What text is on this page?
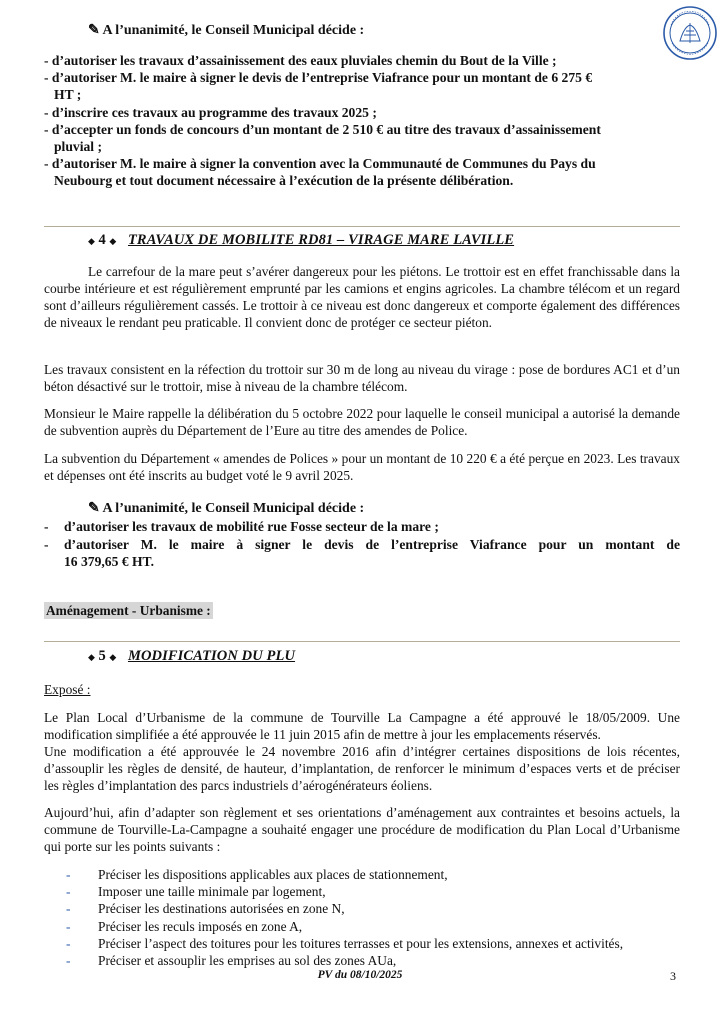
✎ A l’unanimité, le Conseil Municipal décide :
- d’autoriser les travaux d’assainissement des eaux pluviales chemin du Bout de la Ville ;
- d’autoriser M. le maire à signer le devis de l’entreprise Viafrance pour un montant de 6 275 €
HT ;
- d’inscrire ces travaux au programme des travaux 2025 ;
- d’accepter un fonds de concours d’un montant de 2 510 € au titre des travaux d’assainissement
pluvial ;
- d’autoriser M. le maire à signer la convention avec la Communauté de Communes du Pays du
Neubourg et tout document nécessaire à l’exécution de la présente délibération.
◆ 4 ◆ TRAVAUX DE MOBILITE RD81 – VIRAGE MARE LAVILLE
Le carrefour de la mare peut s’avérer dangereux pour les piétons. Le trottoir est en effet franchissable dans la courbe intérieure et est régulièrement emprunté par les camions et engins agricoles. La chambre télécom et un regard sont d’ailleurs régulièrement cassés. Le trottoir à ce niveau est donc dangereux et comporte également des différences de niveaux le rendant peu praticable. Il convient donc de protéger ce secteur piéton.
Les travaux consistent en la réfection du trottoir sur 30 m de long au niveau du virage : pose de bordures AC1 et d’un béton désactivé sur le trottoir, mise à niveau de la chambre télécom.
Monsieur le Maire rappelle la délibération du 5 octobre 2022 pour laquelle le conseil municipal a autorisé la demande de subvention auprès du Département de l’Eure au titre des amendes de Police.
La subvention du Département « amendes de Polices » pour un montant de 10 220 € a été perçue en 2023. Les travaux et dépenses ont été inscrits au budget voté le 9 avril 2025.
✎ A l’unanimité, le Conseil Municipal décide :
- d’autoriser les travaux de mobilité rue Fosse secteur de la mare ;
- d’autoriser M. le maire à signer le devis de l’entreprise Viafrance pour un montant de
16 379,65 € HT.
Aménagement - Urbanisme :
◆ 5 ◆ MODIFICATION DU PLU
Exposé :
Le Plan Local d’Urbanisme de la commune de Tourville La Campagne a été approuvé le 18/05/2009. Une modification simplifiée a été approuvée le 11 juin 2015 afin de mettre à jour les emplacements réservés.
Une modification a été approuvée le 24 novembre 2016 afin d’intégrer certaines dispositions de lois récentes, d’assouplir les règles de densité, de hauteur, d’implantation, de renforcer le minimum d’espaces verts et de préciser les règles d’implantation des parcs industriels d’aérogénérateurs éoliens.
Aujourd’hui, afin d’adapter son règlement et ses orientations d’aménagement aux contraintes et besoins actuels, la commune de Tourville-La-Campagne a souhaité engager une procédure de modification du Plan Local d’Urbanisme qui porte sur les points suivants :
- Préciser les dispositions applicables aux places de stationnement,
- Imposer une taille minimale par logement,
- Préciser les destinations autorisées en zone N,
- Préciser les reculs imposés en zone A,
- Préciser l’aspect des toitures pour les toitures terrasses et pour les extensions, annexes et activités,
- Préciser et assouplir les emprises au sol des zones AUa,
PV du 08/10/2025	3
